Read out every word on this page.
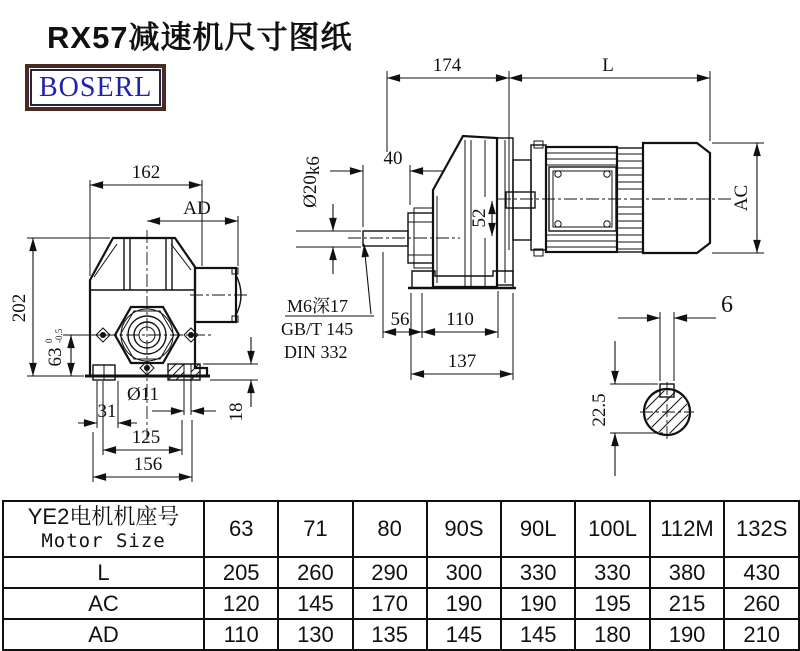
RX57减速机尺寸图纸
BOSERL
162
AD
202
63
0 -0.5
31
Ø11
125
156
18
52
174	L
40
Ø20k6
M6深17
GB/T 145
DIN 332
56 110
137
AC
6
22.5
YE2电机机座号
Motor Size	63	71	80	90S	90L	100L	112M	132S
L	205	260	290	300	330	330	380	430
AC	120	145	170	190	190	195	215	260
AD	110	130	135	145	145	180	190	210
